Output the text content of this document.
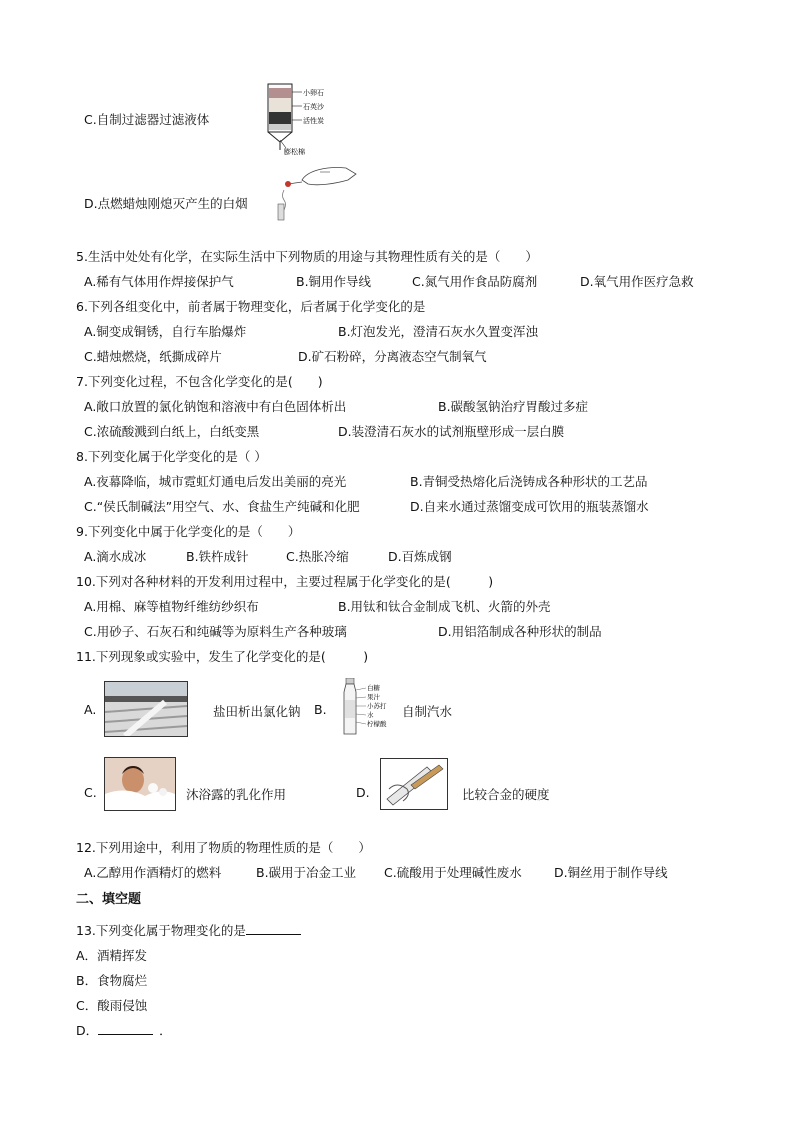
C.自制过滤器过滤液体
小卵石
石英沙
活性炭
膨松棉
D.点燃蜡烛刚熄灭产生的白烟
5.生活中处处有化学，在实际生活中下列物质的用途与其物理性质有关的是（　　）
A.稀有气体用作焊接保护气	B.铜用作导线	C.氮气用作食品防腐剂	D.氧气用作医疗急救
6.下列各组变化中，前者属于物理变化，后者属于化学变化的是
A.铜变成铜锈，自行车胎爆炸	B.灯泡发光，澄清石灰水久置变浑浊
C.蜡烛燃烧，纸撕成碎片	D.矿石粉碎，分离液态空气制氧气
7.下列变化过程，不包含化学变化的是(　　)
A.敞口放置的氯化钠饱和溶液中有白色固体析出	B.碳酸氢钠治疗胃酸过多症
C.浓硫酸溅到白纸上，白纸变黑	D.装澄清石灰水的试剂瓶壁形成一层白膜
8.下列变化属于化学变化的是（ ）
A.夜幕降临，城市霓虹灯通电后发出美丽的亮光	B.青铜受热熔化后浇铸成各种形状的工艺品
C.“侯氏制碱法”用空气、水、食盐生产纯碱和化肥	D.自来水通过蒸馏变成可饮用的瓶装蒸馏水
9.下列变化中属于化学变化的是（　　）
A.滴水成冰	B.铁杵成针	C.热胀冷缩	D.百炼成钢
10.下列对各种材料的开发利用过程中，主要过程属于化学变化的是(　　　)
A.用棉、麻等植物纤维纺纱织布	B.用钛和钛合金制成飞机、火箭的外壳
C.用砂子、石灰石和纯碱等为原料生产各种玻璃	D.用铝箔制成各种形状的制品
11.下列现象或实验中，发生了化学变化的是(　　　)
A.	盐田析出氯化钠 B.
白糖
果汁
小苏打
水
柠檬酸
自制汽水
C.	沐浴露的乳化作用	D.	比较合金的硬度
12.下列用途中，利用了物质的物理性质的是（　　）
A.乙醇用作酒精灯的燃料	B.碳用于冶金工业 C.硫酸用于处理碱性废水	D.铜丝用于制作导线
二、填空题
13.下列变化属于物理变化的是
A．酒精挥发
B．食物腐烂
C．酸雨侵蚀
D．	．
